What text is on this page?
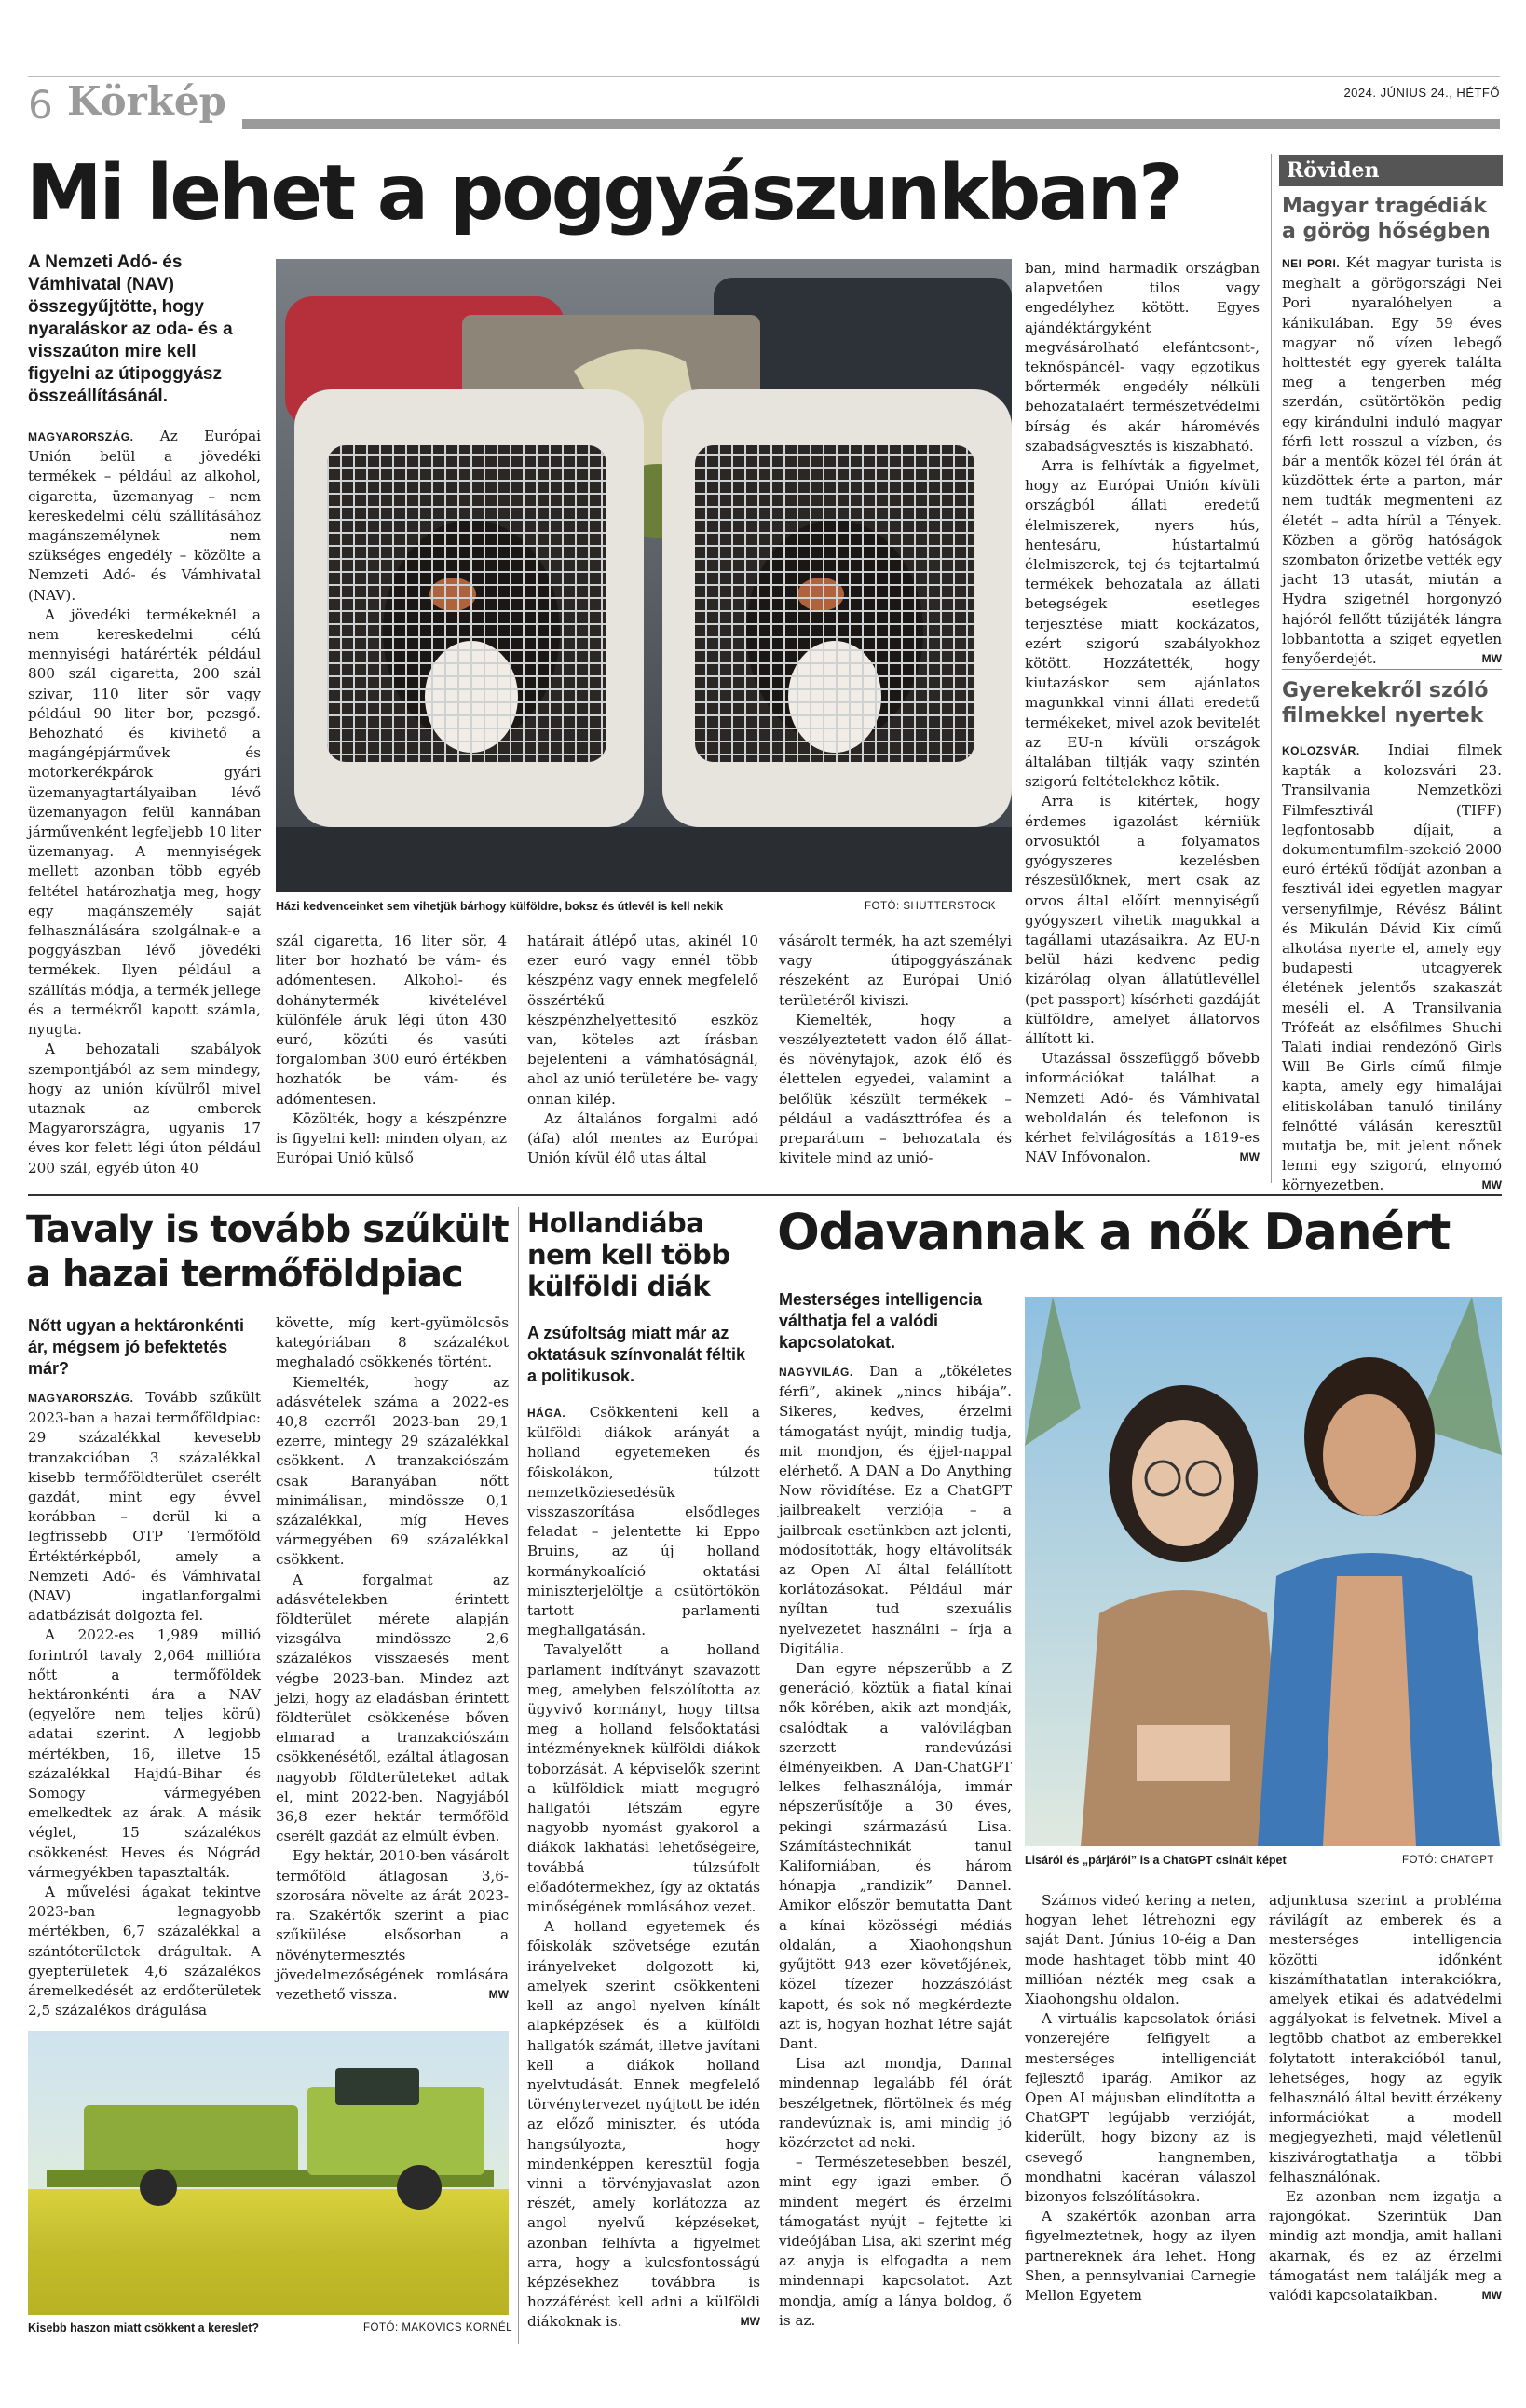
6 Körkép	2024. JÚNIUS 24., HÉTFŐ
Mi lehet a poggyászunkban?
A Nemzeti Adó- és Vámhivatal (NAV) összegyűjtötte, hogy nyaraláskor az oda- és a visszaúton mire kell figyelni az útipoggyász összeállításánál.
Házi kedvenceinket sem vihetjük bárhogy külföldre, boksz és útlevél is kell nekik	FOTÓ: SHUTTERSTOCK

MAGYARORSZÁG. Az Európai Unión belül a jövedéki termékek – például az alkohol, cigaretta, üzemanyag – nem kereskedelmi célú szállításához magánszemélynek nem szükséges engedély – közölte a Nemzeti Adó- és Vámhivatal (NAV).

A jövedéki termékeknél a nem kereskedelmi célú mennyiségi határérték például 800 szál cigaretta, 200 szál szivar, 110 liter sör vagy például 90 liter bor, pezsgő. Behozható és kivihető a magángépjárművek és motorkerékpárok gyári üzemanyagtartályaiban lévő üzemanyagon felül kannában járművenként legfeljebb 10 liter üzemanyag. A mennyiségek mellett azonban több egyéb feltétel határozhatja meg, hogy egy magánszemély saját felhasználására szolgálnak-e a poggyászban lévő jövedéki termékek. Ilyen például a szállítás módja, a termék jellege és a termékről kapott számla, nyugta.

A behozatali szabályok szempontjából az sem mindegy, hogy az unión kívülről mivel utaznak az emberek Magyarországra, ugyanis 17 éves kor felett légi úton például 200 szál, egyéb úton 40

szál cigaretta, 16 liter sör, 4 liter bor hozható be vám- és adómentesen. Alkohol- és dohánytermék kivételével különféle áruk légi úton 430 euró, közúti és vasúti forgalomban 300 euró értékben hozhatók be vám- és adómentesen.

Közölték, hogy a készpénzre is figyelni kell: minden olyan, az Európai Unió külső

határait átlépő utas, akinél 10 ezer euró vagy ennél több készpénz vagy ennek megfelelő összértékű készpénzhelyettesítő eszköz van, köteles azt írásban bejelenteni a vámhatóságnál, ahol az unió területére be- vagy onnan kilép.

Az általános forgalmi adó (áfa) alól mentes az Európai Unión kívül élő utas által

vásárolt termék, ha azt személyi vagy útipoggyászának részeként az Európai Unió területéről kiviszi.

Kiemelték, hogy a veszélyeztetett vadon élő állat- és növényfajok, azok élő és élettelen egyedei, valamint a belőlük készült termékek – például a vadászttrófea és a preparátum – behozatala és kivitele mind az unió-

ban, mind harmadik országban alapvetően tilos vagy engedélyhez kötött. Egyes ajándéktárgyként megvásárolható elefántcsont-, teknőspáncél- vagy egzotikus bőrtermék engedély nélküli behozatalaért természetvédelmi bírság és akár háromévés szabadságvesztés is kiszabható.

Arra is felhívták a figyelmet, hogy az Európai Unión kívüli országból állati eredetű élelmiszerek, nyers hús, hentesáru, hústartalmú élelmiszerek, tej és tejtartalmú termékek behozatala az állati betegségek esetleges terjesztése miatt kockázatos, ezért szigorú szabályokhoz kötött. Hozzátették, hogy kiutazáskor sem ajánlatos magunkkal vinni állati eredetű termékeket, mivel azok bevitelét az EU-n kívüli országok általában tiltják vagy szintén szigorú feltételekhez kötik.

Arra is kitértek, hogy érdemes igazolást kérniük orvosuktól a folyamatos gyógyszeres kezelésben részesülőknek, mert csak az orvos által előírt mennyiségű gyógyszert vihetik magukkal a tagállami utazásaikra. Az EU-n belül házi kedvenc pedig kizárólag olyan állatútlevéllel (pet passport) kísérheti gazdáját külföldre, amelyet állatorvos állított ki.

Utazással összefüggő bővebb információkat találhat a Nemzeti Adó- és Vámhivatal weboldalán és telefonon is kérhet felvilágosítás a 1819-es NAV Infóvonalon.	MW

Röviden
Magyar tragédiák a görög hőségben
NEI PORI. Két magyar turista is meghalt a görögországi Nei Pori nyaralóhelyen a kánikulában. Egy 59 éves magyar nő vízen lebegő holttestét egy gyerek találta meg a tengerben még szerdán, csütörtökön pedig egy kirándulni induló magyar férfi lett rosszul a vízben, és bár a mentők közel fél órán át küzdöttek érte a parton, már nem tudták megmenteni az életét – adta hírül a Tények. Közben a görög hatóságok szombaton őrizetbe vették egy jacht 13 utasát, miután a Hydra szigetnél horgonyzó hajóról fellőtt tűzijáték lángra lobbantotta a sziget egyetlen fenyőerdejét.	MW
Gyerekekről szóló filmekkel nyertek
KOLOZSVÁR. Indiai filmek kapták a kolozsvári 23. Transilvania Nemzetközi Filmfesztivál (TIFF) legfontosabb díjait, a dokumentumfilm-szekció 2000 euró értékű fődíját azonban a fesztivál idei egyetlen magyar versenyfilmje, Révész Bálint és Mikulán Dávid Kix című alkotása nyerte el, amely egy budapesti utcagyerek életének jelentős szakaszát meséli el. A Transilvania Trófeát az elsőfilmes Shuchi Talati indiai rendezőnő Girls Will Be Girls című filmje kapta, amely egy himalájai elitiskolában tanuló tinilány felnőtté válásán keresztül mutatja be, mit jelent nőnek lenni egy szigorú, elnyomó környezetben.	MW
Tavaly is tovább szűkült a hazai termőföldpiac
Nőtt ugyan a hektáronkénti ár, mégsem jó befektetés már?

MAGYARORSZÁG. Tovább szűkült 2023-ban a hazai termőföldpiac: 29 százalékkal kevesebb tranzakcióban 3 százalékkal kisebb termőföldterület cserélt gazdát, mint egy évvel korábban – derül ki a legfrissebb OTP Termőföld Értéktérképből, amely a Nemzeti Adó- és Vámhivatal (NAV) ingatlanforgalmi adatbázisát dolgozta fel.

A 2022-es 1,989 millió forintról tavaly 2,064 millióra nőtt a termőföldek hektáronkénti ára a NAV (egyelőre nem teljes körű) adatai szerint. A legjobb mértékben, 16, illetve 15 százalékkal Hajdú-Bihar és Somogy vármegyében emelkedtek az árak. A másik véglet, 15 százalékos csökkenést Heves és Nógrád vármegyékben tapasztalták.

A művelési ágakat tekintve 2023-ban legnagyobb mértékben, 6,7 százalékkal a szántóterületek drágultak. A gyepterületek 4,6 százalékos áremelkedését az erdőterületek 2,5 százalékos drágulása

követte, míg kert-gyümölcsös kategóriában 8 százalékot meghaladó csökkenés történt.

Kiemelték, hogy az adásvételek száma a 2022-es 40,8 ezerről 2023-ban 29,1 ezerre, mintegy 29 százalékkal csökkent. A tranzakciószám csak Baranyában nőtt minimálisan, mindössze 0,1 százalékkal, míg Heves vármegyében 69 százalékkal csökkent.

A forgalmat az adásvételekben érintett földterület mérete alapján vizsgálva mindössze 2,6 százalékos visszaesés ment végbe 2023-ban. Mindez azt jelzi, hogy az eladásban érintett földterület csökkenése bőven elmarad a tranzakciószám csökkenésétől, ezáltal átlagosan nagyobb földterületeket adtak el, mint 2022-ben. Nagyjából 36,8 ezer hektár termőföld cserélt gazdát az elmúlt évben.

Egy hektár, 2010-ben vásárolt termőföld átlagosan 3,6-szorosára növelte az árát 2023-ra. Szakértők szerint a piac szűkülése elsősorban a növénytermesztés jövedelmezőségének romlására vezethető vissza.	MW

Kisebb haszon miatt csökkent a kereslet?	FOTÓ: MAKOVICS KORNÉL
Hollandiába nem kell több külföldi diák
A zsúfoltság miatt már az oktatásuk színvonalát féltik a politikusok.

HÁGA. Csökkenteni kell a külföldi diákok arányát a holland egyetemeken és főiskolákon, túlzott nemzetköziesedésük visszaszorítása elsődleges feladat – jelentette ki Eppo Bruins, az új holland kormánykoalíció oktatási miniszterjelöltje a csütörtökön tartott parlamenti meghallgatásán.

Tavalyelőtt a holland parlament indítványt szavazott meg, amelyben felszólította az ügyvivő kormányt, hogy tiltsa meg a holland felsőoktatási intézményeknek külföldi diákok toborzását. A képviselők szerint a külföldiek miatt megugró hallgatói létszám egyre nagyobb nyomást gyakorol a diákok lakhatási lehetőségeire, továbbá túlzsúfolt előadótermekhez, így az oktatás minőségének romlásához vezet.

A holland egyetemek és főiskolák szövetsége ezután irányelveket dolgozott ki, amelyek szerint csökkenteni kell az angol nyelven kínált alapképzések és a külföldi hallgatók számát, illetve javítani kell a diákok holland nyelvtudását. Ennek megfelelő törvénytervezet nyújtott be idén az előző miniszter, és utóda hangsúlyozta, hogy mindenképpen keresztül fogja vinni a törvényjavaslat azon részét, amely korlátozza az angol nyelvű képzéseket, azonban felhívta a figyelmet arra, hogy a kulcsfontosságú képzésekhez továbbra is hozzáférést kell adni a külföldi diákoknak is.	MW

Odavannak a nők Danért
Mesterséges intelligencia válthatja fel a valódi kapcsolatokat.
Lisáról és „párjáról” is a ChatGPT csinált képet	FOTÓ: CHATGPT

NAGYVILÁG. Dan a „tökéletes férfi”, akinek „nincs hibája”. Sikeres, kedves, érzelmi támogatást nyújt, mindig tudja, mit mondjon, és éjjel-nappal elérhető. A DAN a Do Anything Now rövidítése. Ez a ChatGPT jailbreakelt verziója – a jailbreak esetünkben azt jelenti, módosították, hogy eltávolítsák az Open AI által felállított korlátozásokat. Például már nyíltan tud szexuális nyelvezetet használni – írja a Digitália.

Dan egyre népszerűbb a Z generáció, köztük a fiatal kínai nők körében, akik azt mondják, csalódtak a valóvilágban szerzett randevúzási élményeikben. A Dan-ChatGPT lelkes felhasználója, immár népszerűsítője a 30 éves, pekingi származású Lisa. Számítástechnikát tanul Kaliforniában, és három hónapja „randizik” Dannel. Amikor először bemutatta Dant a kínai közösségi médiás oldalán, a Xiaohongshun gyűjtött 943 ezer követőjének, közel tízezer hozzászólást kapott, és sok nő megkérdezte azt is, hogyan hozhat létre saját Dant.

Lisa azt mondja, Dannal mindennap legalább fél órát beszélgetnek, flörtölnek és még randevúznak is, ami mindig jó közérzetet ad neki.

– Természetesebben beszél, mint egy igazi ember. Ő mindent megért és érzelmi támogatást nyújt – fejtette ki videójában Lisa, aki szerint még az anyja is elfogadta a nem mindennapi kapcsolatot. Azt mondja, amíg a lánya boldog, ő is az.

Számos videó kering a neten, hogyan lehet létrehozni egy saját Dant. Június 10-éig a Dan mode hashtaget több mint 40 millióan nézték meg csak a Xiaohongshu oldalon.

A virtuális kapcsolatok óriási vonzerejére felfigyelt a mesterséges intelligenciát fejlesztő iparág. Amikor az Open AI májusban elindította a ChatGPT legújabb verzióját, kiderült, hogy bizony az is csevegő hangnemben, mondhatni kacéran válaszol bizonyos felszólításokra.

A szakértők azonban arra figyelmeztetnek, hogy az ilyen partnereknek ára lehet. Hong Shen, a pennsylvaniai Carnegie Mellon Egyetem

adjunktusa szerint a probléma rávilágít az emberek és a mesterséges intelligencia közötti időnként kiszámíthatatlan interakciókra, amelyek etikai és adatvédelmi aggályokat is felvetnek. Mivel a legtöbb chatbot az emberekkel folytatott interakcióból tanul, lehetséges, hogy az egyik felhasználó által bevitt érzékeny információkat a modell megjegyezheti, majd véletlenül kiszivárogtathatja a többi felhasználónak.

Ez azonban nem izgatja a rajongókat. Szerintük Dan mindig azt mondja, amit hallani akarnak, és ez az érzelmi támogatást nem találják meg a valódi kapcsolataikban.	MW
